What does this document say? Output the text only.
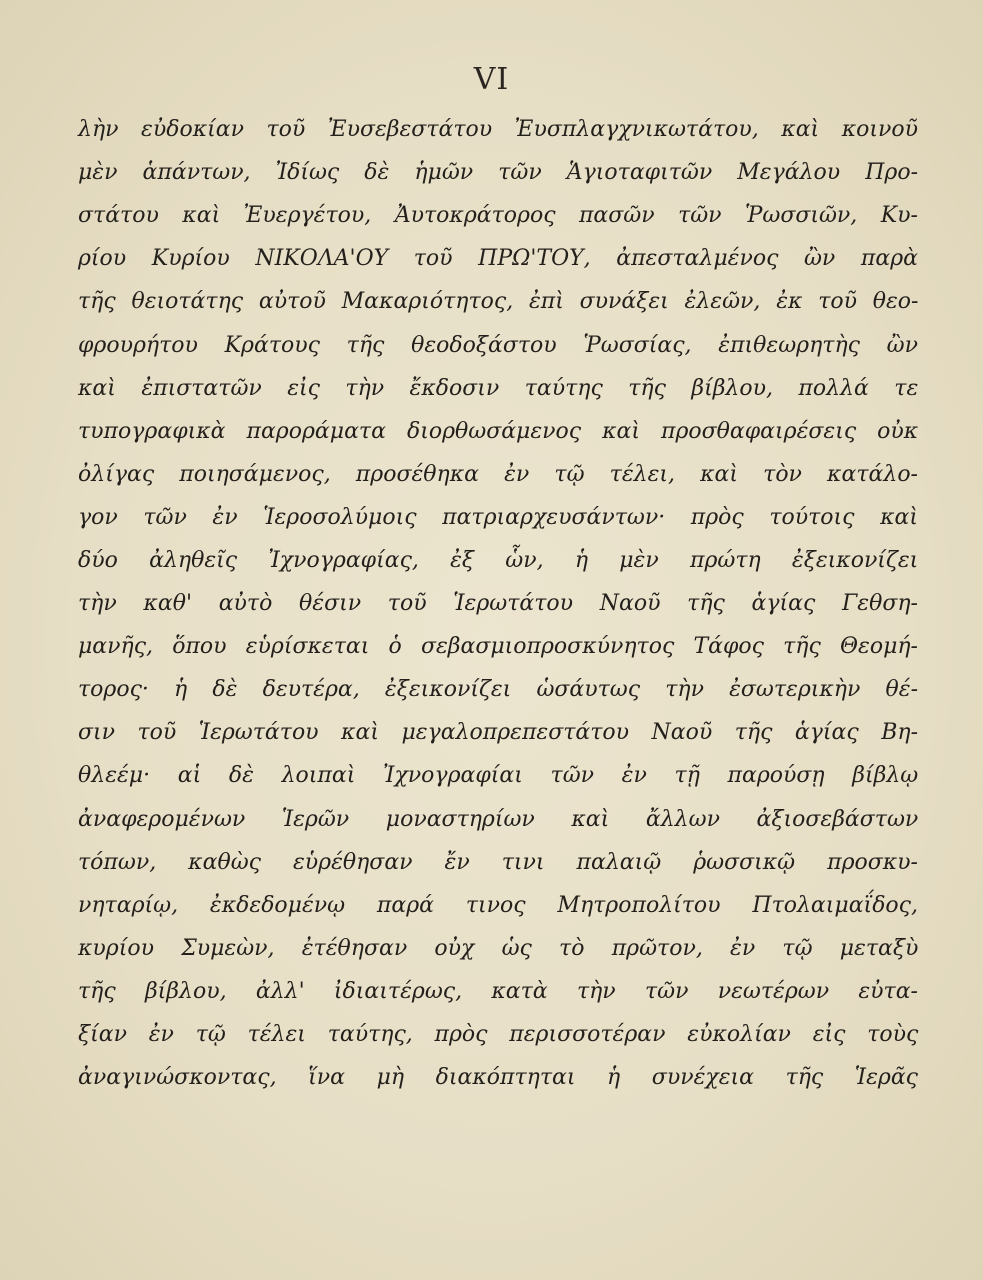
VI
λὴν εὐδοκίαν τοῦ Ἐυσεβεστάτου Ἐυσπλαγχνικωτάτου, καὶ κοινοῦ
μὲν ἁπάντων, Ἰδίως δὲ ἡμῶν τῶν Ἁγιοταφιτῶν Μεγάλου Προ-
στάτου καὶ Ἐυεργέτου, Ἀυτοκράτορος πασῶν τῶν Ῥωσσιῶν, Κυ-
ρίου Κυρίου ΝΙΚΟΛΑ'ΟΥ τοῦ ΠΡΩ'ΤΟΥ, ἀπεσταλμένος ὢν παρὰ
τῆς θειοτάτης αὐτοῦ Μακαριότητος, ἐπὶ συνάξει ἐλεῶν, ἐκ τοῦ θεο-
φρουρήτου Κράτους τῆς θεοδοξάστου Ῥωσσίας, ἐπιθεωρητὴς ὢν
καὶ ἐπιστατῶν εἰς τὴν ἔκδοσιν ταύτης τῆς βίβλου, πολλά τε
τυπογραφικὰ παροράματα διορθωσάμενος καὶ προσθαφαιρέσεις οὐκ
ὀλίγας ποιησάμενος, προσέθηκα ἐν τῷ τέλει, καὶ τὸν κατάλο-
γον τῶν ἐν Ἱεροσολύμοις πατριαρχευσάντων· πρὸς τούτοις καὶ
δύο ἀληθεῖς Ἰχνογραφίας, ἐξ ὧν, ἡ μὲν πρώτη ἐξεικονίζει
τὴν καθ' αὐτὸ θέσιν τοῦ Ἱερωτάτου Ναοῦ τῆς ἁγίας Γεθση-
μανῆς, ὅπου εὑρίσκεται ὁ σεβασμιοπροσκύνητος Τάφος τῆς Θεομή-
τορος· ἡ δὲ δευτέρα, ἐξεικονίζει ὡσάυτως τὴν ἐσωτερικὴν θέ-
σιν τοῦ Ἱερωτάτου καὶ μεγαλοπρεπεστάτου Ναοῦ τῆς ἁγίας Βη-
θλεέμ· αἱ δὲ λοιπαὶ Ἰχνογραφίαι τῶν ἐν τῇ παρούσῃ βίβλῳ
ἀναφερομένων Ἱερῶν μοναστηρίων καὶ ἄλλων ἀξιοσεβάστων
τόπων, καθὼς εὑρέθησαν ἔν τινι παλαιῷ ῥωσσικῷ προσκυ-
νηταρίῳ, ἐκδεδομένῳ παρά τινος Μητροπολίτου Πτολαιμαΐδος,
κυρίου Συμεὼν, ἐτέθησαν οὐχ ὡς τὸ πρῶτον, ἐν τῷ μεταξὺ
τῆς βίβλου, ἀλλ' ἰδιαιτέρως, κατὰ τὴν τῶν νεωτέρων εὐτα-
ξίαν ἐν τῷ τέλει ταύτης, πρὸς περισσοτέραν εὐκολίαν εἰς τοὺς
ἀναγινώσκοντας, ἵνα μὴ διακόπτηται ἡ συνέχεια τῆς Ἱερᾶς
